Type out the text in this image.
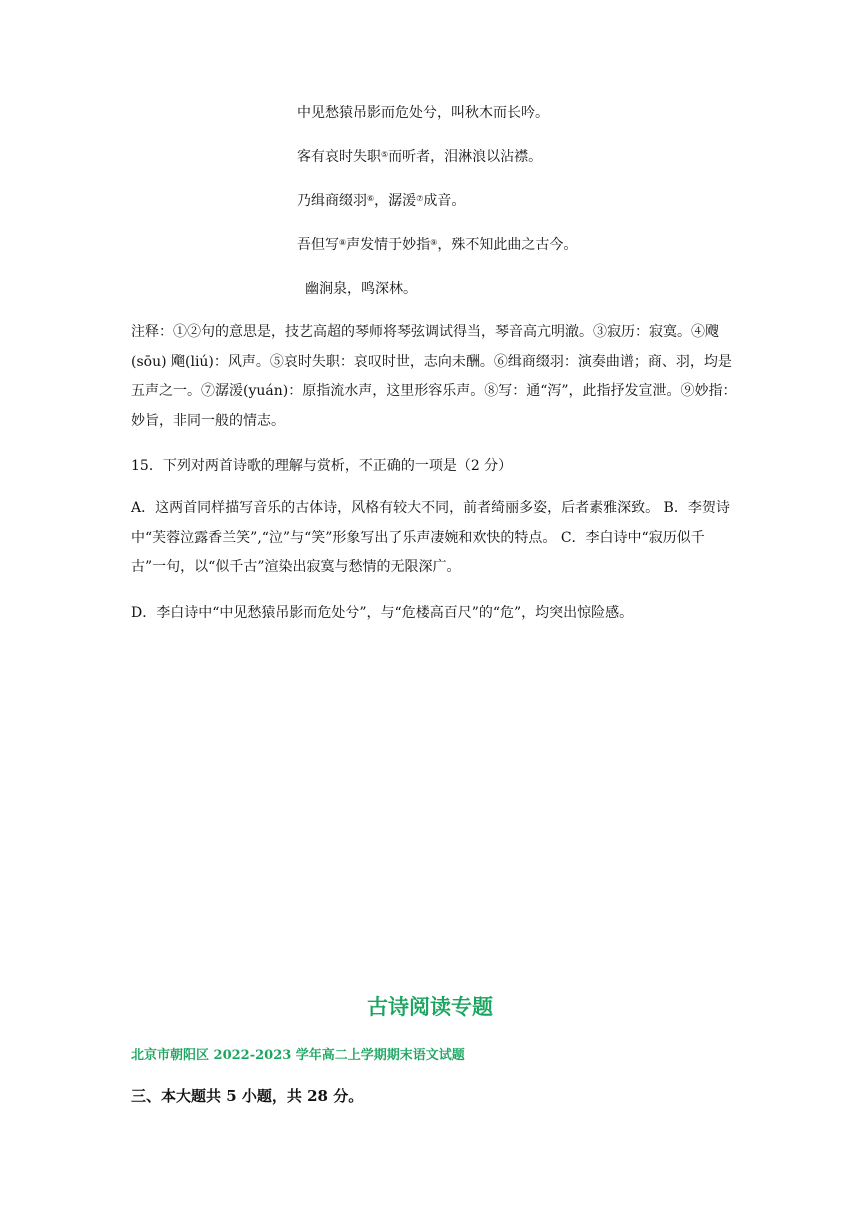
中见愁猿吊影而危处兮，叫秋木而长吟。
客有哀时失职⑤而听者，泪淋浪以沾襟。
乃缉商缀羽⑥，潺湲⑦成音。
吾但写⑧声发情于妙指⑨，殊不知此曲之古今。
幽涧泉，鸣深林。
注释：①②句的意思是，技艺高超的琴师将琴弦调试得当，琴音高亢明澈。③寂历：寂寞。④飕(sōu) 飗(liú)：风声。⑤哀时失职：哀叹时世，志向未酬。⑥缉商缀羽：演奏曲谱；商、羽，均是五声之一。⑦潺湲(yuán)：原指流水声，这里形容乐声。⑧写：通“泻”，此指抒发宣泄。⑨妙指：妙旨，非同一般的情志。
15．下列对两首诗歌的理解与赏析，不正确的一项是（2 分）
A．这两首同样描写音乐的古体诗，风格有较大不同，前者绮丽多姿，后者素雅深致。 B．李贺诗中“芙蓉泣露香兰笑”,“泣”与“笑”形象写出了乐声凄婉和欢快的特点。 C．李白诗中“寂历似千古”一句，以“似千古”渲染出寂寞与愁情的无限深广。
D．李白诗中“中见愁猿吊影而危处兮”，与“危楼高百尺”的“危”，均突出惊险感。
古诗阅读专题
北京市朝阳区 2022-2023 学年高二上学期期末语文试题
三、本大题共 5 小题，共 28 分。
